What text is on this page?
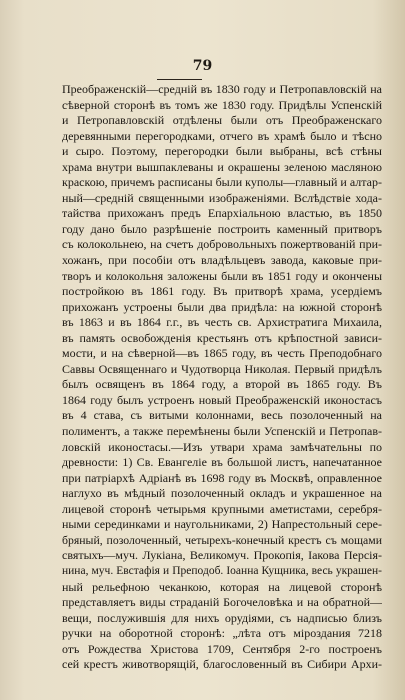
79
Преображенскій—средній въ 1830 году и Петропавловскій на
сѣверной сторонѣ въ томъ же 1830 году. Придѣлы Успенскій
и Петропавловскій отдѣлены были отъ Преображенскаго
деревянными перегородками, отчего въ храмѣ было и тѣсно
и сыро. Поэтому, перегородки были выбраны, всѣ стѣны
храма внутри вышпаклеваны и окрашены зеленою масляною
краскою, причемъ расписаны были куполы—главный и алтар-
ный—средній священными изображеніями. Вслѣдствіе хода-
тайства прихожанъ предъ Епархіальною властью, въ 1850
году дано было разрѣшеніе построить каменный притворъ
съ колокольнею, на счетъ добровольныхъ пожертвованій при-
хожанъ, при пособіи отъ владѣльцевъ завода, каковые при-
творъ и колокольня заложены были въ 1851 году и окончены
постройкою въ 1861 году. Въ притворѣ храма, усердіемъ
прихожанъ устроены были два придѣла: на южной сторонѣ
въ 1863 и въ 1864 г.г., въ честь св. Архистратига Михаила,
въ память освобожденія крестьянъ отъ крѣпостной зависи-
мости, и на сѣверной—въ 1865 году, въ честь Преподобнаго
Саввы Освященнаго и Чудотворца Николая. Первый придѣлъ
былъ освященъ въ 1864 году, а второй въ 1865 году. Въ
1864 году былъ устроенъ новый Преображенскій иконостасъ
въ 4 става, съ витыми колоннами, весь позолоченный на
полиментъ, а также перемѣнены были Успенскій и Петропав-
ловскій иконостасы.—Изъ утвари храма замѣчательны по
древности: 1) Св. Евангеліе въ большой листъ, напечатанное
при патріархѣ Адріанѣ въ 1698 году въ Москвѣ, оправленное
наглухо въ мѣдный позолоченный окладъ и украшенное на
лицевой сторонѣ четырьмя крупными аметистами, серебря-
ными серединками и наугольниками, 2) Напрестольный сере-
бряный, позолоченный, четырехъ-конечный крестъ съ мощами
святыхъ—муч. Лукіана, Великомуч. Прокопія, Іакова Персія-
нина, муч. Евстафія и Преподоб. Іоанна Кущника, весь украшен-
ный рельефною чеканкою, которая на лицевой сторонѣ
представляетъ виды страданій Богочеловѣка и на обратной—
вещи, послужившія для нихъ орудіями, съ надписью близъ
ручки на оборотной сторонѣ: „лѣта отъ міроздания 7218
отъ Рождества Христова 1709, Сентября 2-го построенъ
сей крестъ животворящій, благословенный въ Сибири Архи-
